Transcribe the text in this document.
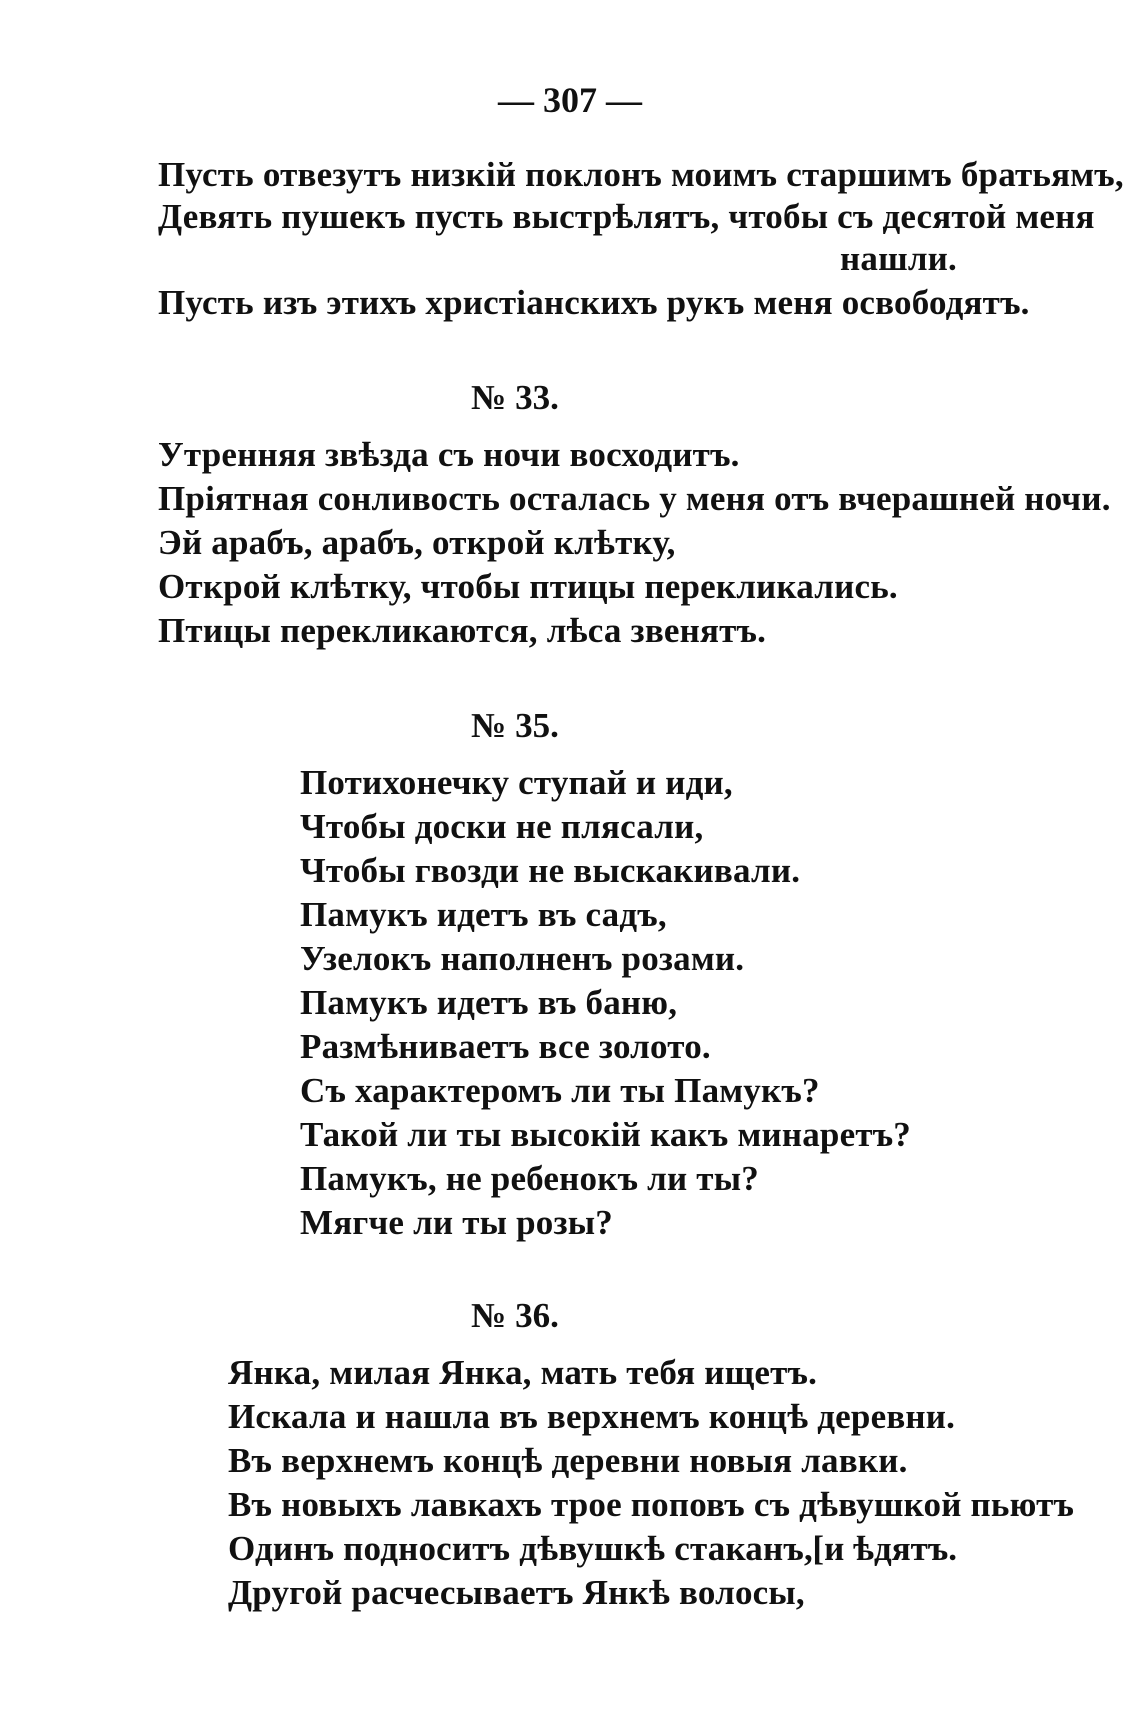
— 307 —
Пусть отвезутъ низкій поклонъ моимъ старшимъ братьямъ,
Девять пушекъ пусть выстрѣлятъ, чтобы съ десятой меня
нашли.
Пусть изъ этихъ христіанскихъ рукъ меня освободятъ.
№ 33.
Утренняя звѣзда съ ночи восходитъ.
Пріятная сонливость осталась у меня отъ вчерашней ночи.
Эй арабъ, арабъ, открой клѣтку,
Открой клѣтку, чтобы птицы перекликались.
Птицы перекликаются, лѣса звенятъ.
№ 35.
Потихонечку ступай и иди,
Чтобы доски не плясали,
Чтобы гвозди не выскакивали.
Памукъ идетъ въ садъ,
Узелокъ наполненъ розами.
Памукъ идетъ въ баню,
Размѣниваетъ все золото.
Съ характеромъ ли ты Памукъ?
Такой ли ты высокій какъ минаретъ?
Памукъ, не ребенокъ ли ты?
Мягче ли ты розы?
№ 36.
Янка, милая Янка, мать тебя ищетъ.
Искала и нашла въ верхнемъ концѣ деревни.
Въ верхнемъ концѣ деревни новыя лавки.
Въ новыхъ лавкахъ трое поповъ съ дѣвушкой пьютъ
Одинъ подноситъ дѣвушкѣ стаканъ, [и ѣдятъ.
Другой расчесываетъ Янкѣ волосы,
